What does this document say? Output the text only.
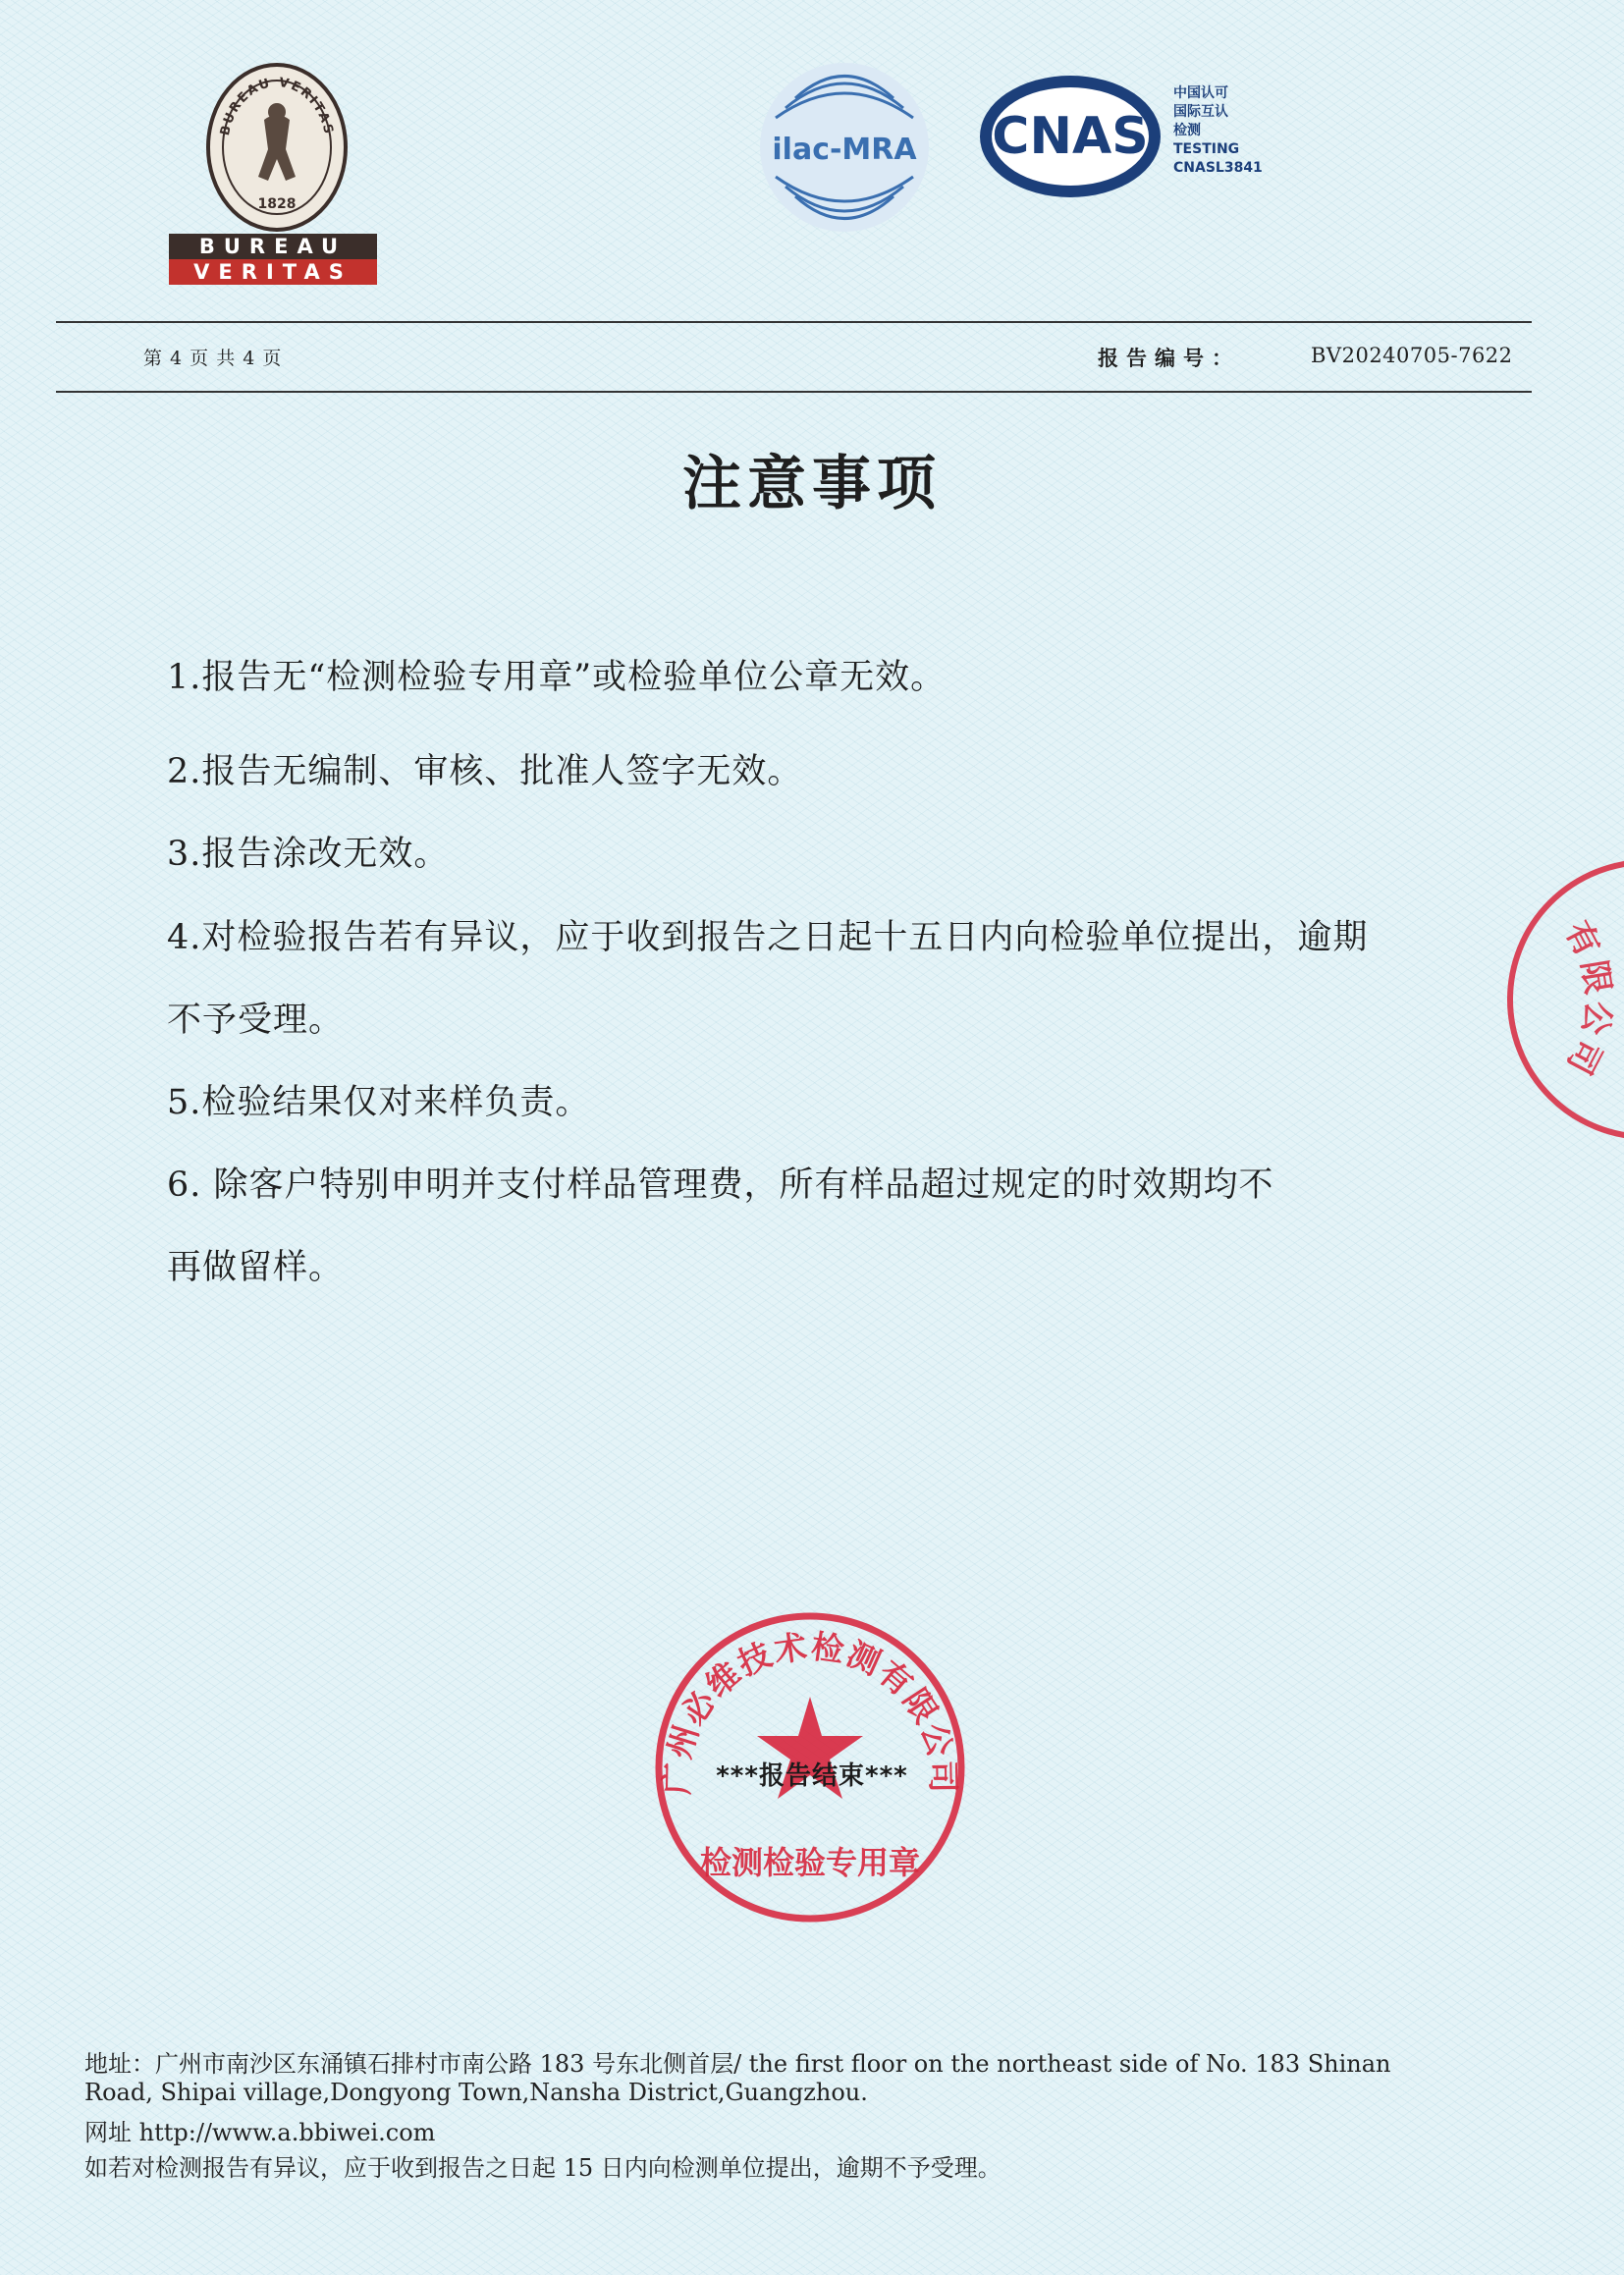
BUREAU VERITAS
1828
BUREAU
VERITAS
ilac-MRA CNAS
中国认可
国际互认
检测
TESTING
CNASL3841
第 4 页 共 4 页	报告编号：	BV20240705-7622
注意事项
1.报告无“检测检验专用章”或检验单位公章无效。
2.报告无编制、审核、批准人签字无效。
3.报告涂改无效。
4.对检验报告若有异议，应于收到报告之日起十五日内向检验单位提出，逾期
不予受理。
5.检验结果仅对来样负责。
6. 除客户特别申明并支付样品管理费，所有样品超过规定的时效期均不
再做留样。
有限公司
广州必维技术检测有限公司
检测检验专用章
***报告结束***
地址：广州市南沙区东涌镇石排村市南公路 183 号东北侧首层/ the first floor on the northeast side of No. 183 Shinan
Road, Shipai village,Dongyong Town,Nansha District,Guangzhou.
网址 http://www.a.bbiwei.com
如若对检测报告有异议，应于收到报告之日起 15 日内向检测单位提出，逾期不予受理。
